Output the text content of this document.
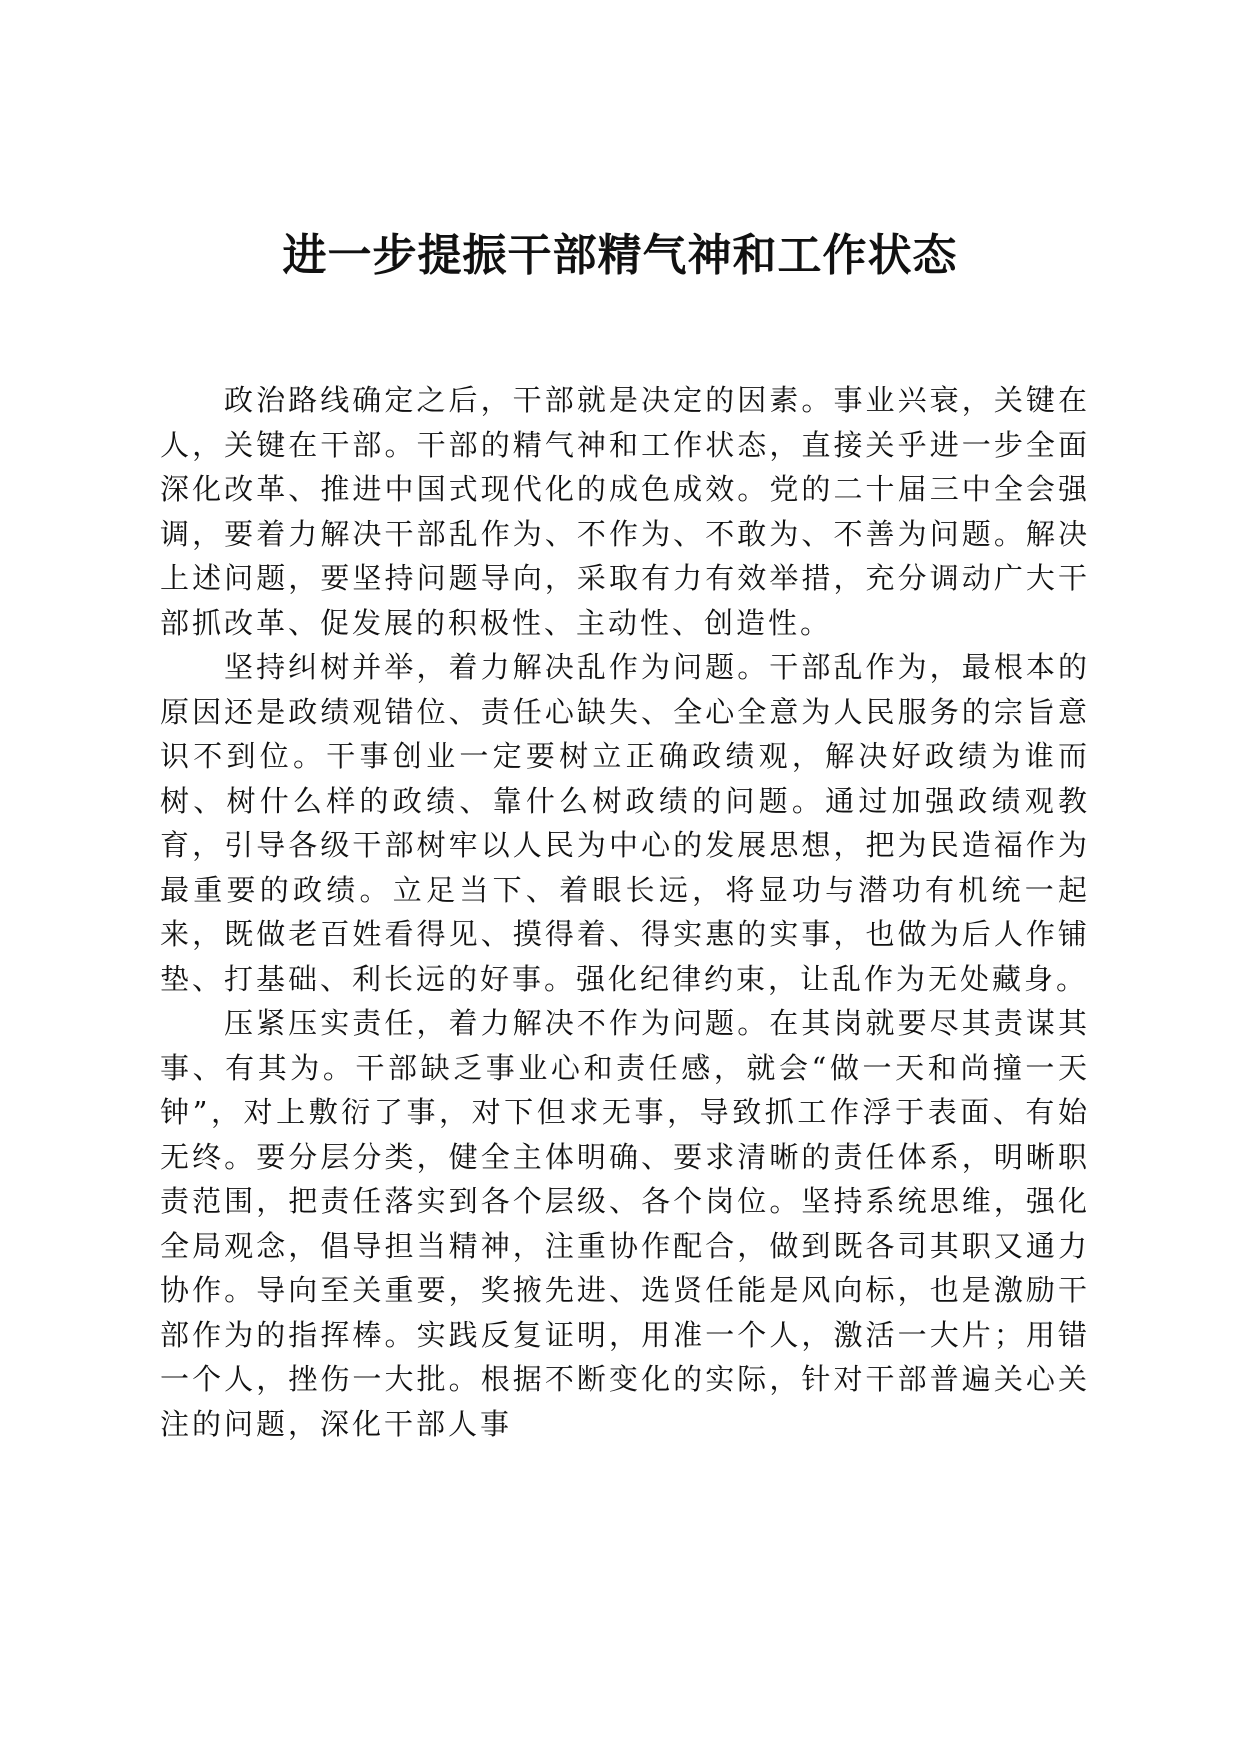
进一步提振干部精气神和工作状态

政治路线确定之后，干部就是决定的因素。事业兴衰，关键在人，关键在干部。干部的精气神和工作状态，直接关乎进一步全面深化改革、推进中国式现代化的成色成效。党的二十届三中全会强调，要着力解决干部乱作为、不作为、不敢为、不善为问题。解决上述问题，要坚持问题导向，采取有力有效举措，充分调动广大干部抓改革、促发展的积极性、主动性、创造性。

坚持纠树并举，着力解决乱作为问题。干部乱作为，最根本的原因还是政绩观错位、责任心缺失、全心全意为人民服务的宗旨意识不到位。干事创业一定要树立正确政绩观，解决好政绩为谁而树、树什么样的政绩、靠什么树政绩的问题。通过加强政绩观教育，引导各级干部树牢以人民为中心的发展思想，把为民造福作为最重要的政绩。立足当下、着眼长远，将显功与潜功有机统一起来，既做老百姓看得见、摸得着、得实惠的实事，也做为后人作铺垫、打基础、利长远的好事。强化纪律约束，让乱作为无处藏身。

压紧压实责任，着力解决不作为问题。在其岗就要尽其责谋其事、有其为。干部缺乏事业心和责任感，就会“做一天和尚撞一天钟”，对上敷衍了事，对下但求无事，导致抓工作浮于表面、有始无终。要分层分类，健全主体明确、要求清晰的责任体系，明晰职责范围，把责任落实到各个层级、各个岗位。坚持系统思维，强化全局观念，倡导担当精神，注重协作配合，做到既各司其职又通力协作。导向至关重要，奖掖先进、选贤任能是风向标，也是激励干部作为的指挥棒。实践反复证明，用准一个人，激活一大片；用错一个人，挫伤一大批。根据不断变化的实际，针对干部普遍关心关注的问题，深化干部人事
